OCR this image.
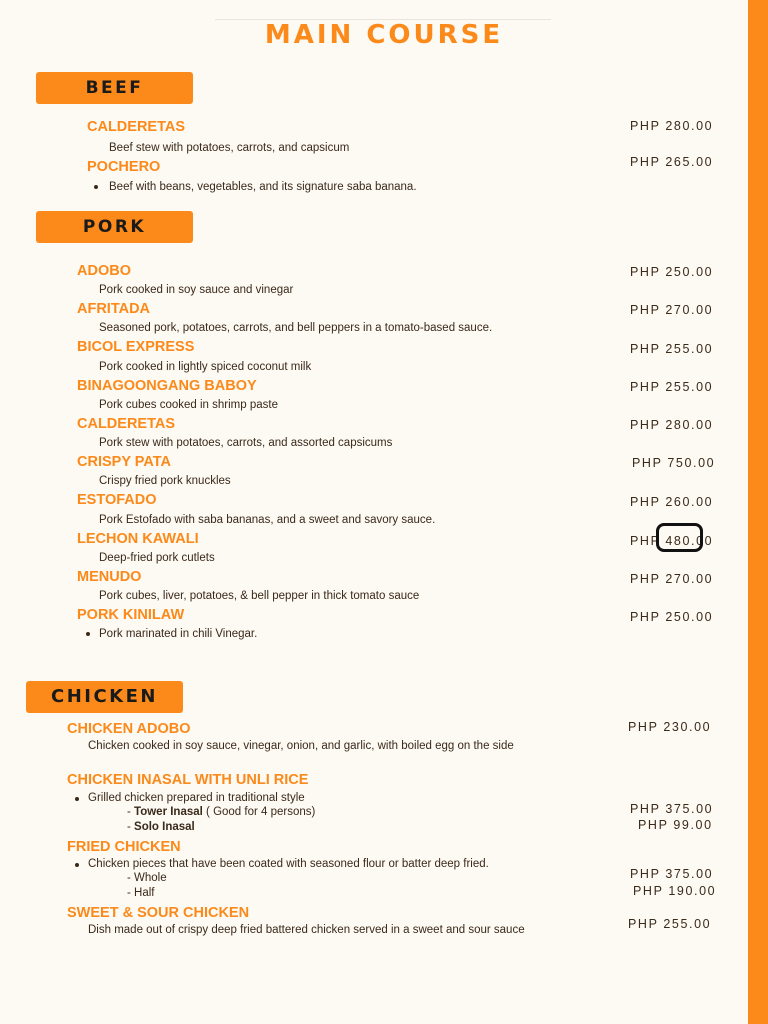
MAIN COURSE
BEEF
CALDERETAS
Beef stew with potatoes, carrots, and capsicum
PHP 280.00
POCHERO
Beef with beans, vegetables, and its signature saba banana.
PHP 265.00
PORK
ADOBO
Pork cooked in soy sauce and vinegar
PHP 250.00
AFRITADA
Seasoned pork, potatoes, carrots, and bell peppers in a tomato-based sauce.
PHP 270.00
BICOL EXPRESS
Pork cooked in lightly spiced coconut milk
PHP 255.00
BINAGOONGANG BABOY
Pork cubes cooked in shrimp paste
PHP 255.00
CALDERETAS
Pork stew with potatoes, carrots, and assorted capsicums
PHP 280.00
CRISPY PATA
Crispy fried pork knuckles
PHP 750.00
ESTOFADO
Pork Estofado with saba bananas, and a sweet and savory sauce.
PHP 260.00
LECHON KAWALI
Deep-fried pork cutlets
PHP 480.00
MENUDO
Pork cubes, liver, potatoes, & bell pepper in thick tomato sauce
PHP 270.00
PORK KINILAW
Pork marinated in chili Vinegar.
PHP 250.00
CHICKEN
CHICKEN ADOBO
Chicken cooked in soy sauce, vinegar, onion, and garlic, with boiled egg on the side
PHP 230.00
CHICKEN INASAL WITH UNLI RICE
Grilled chicken prepared in traditional style
- Tower Inasal ( Good for 4 persons)
- Solo Inasal
PHP 375.00
PHP 99.00
FRIED CHICKEN
Chicken pieces that have been coated with seasoned flour or batter deep fried.
- Whole
- Half
PHP 375.00
PHP 190.00
SWEET & SOUR CHICKEN
Dish made out of crispy deep fried battered chicken served in a sweet and sour sauce	PHP 255.00
